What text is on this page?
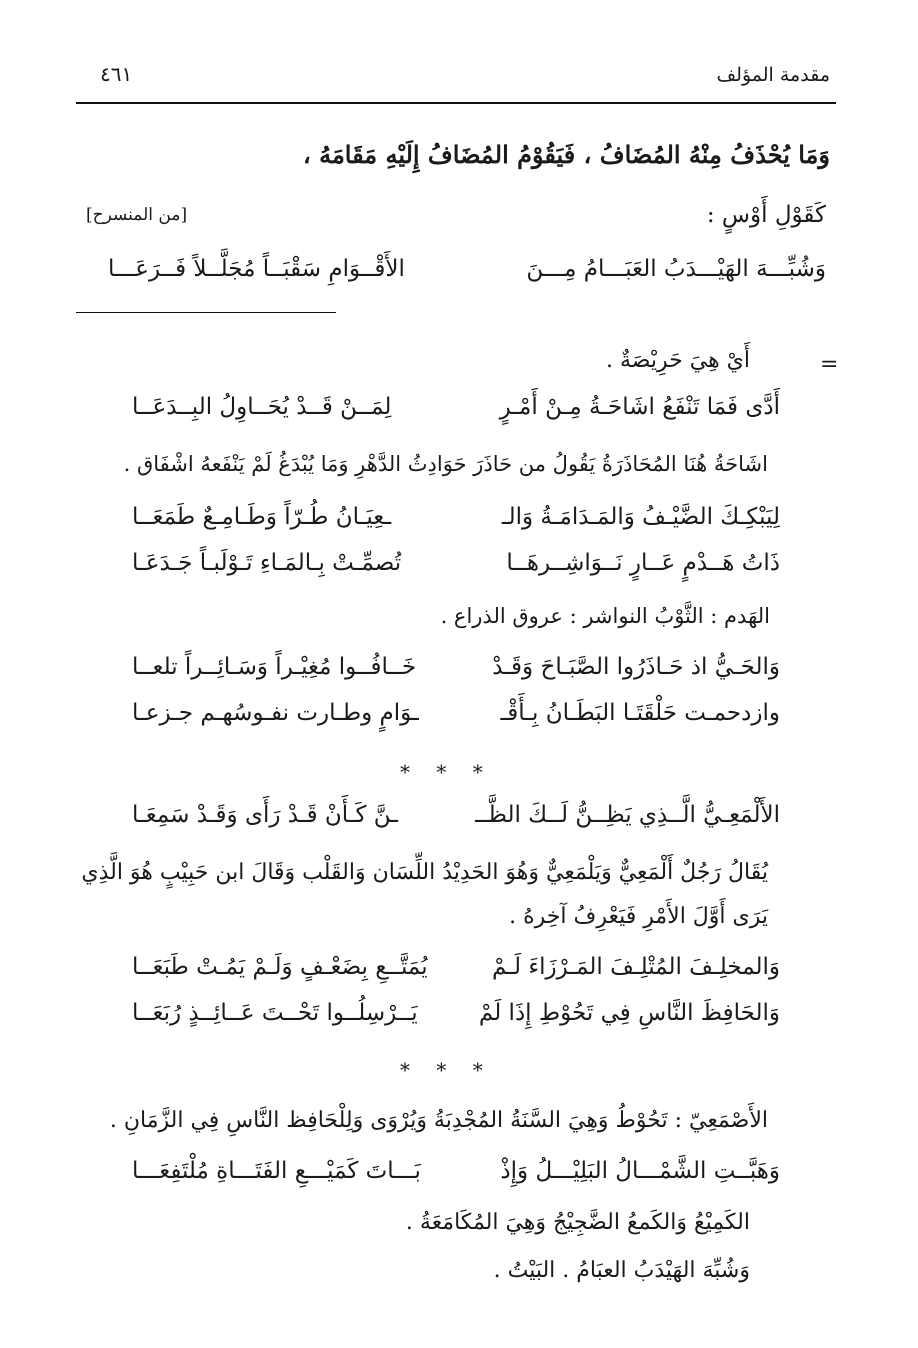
مقدمة المؤلف
٤٦١
وَمَا يُحْذَفُ مِنْهُ المُضَافُ ، فَيَقُوْمُ المُضَافُ إِلَيْهِ مَقَامَهُ ،
كَقَوْلِ أَوْسٍ :
[من المنسرح]
وَشُبِّـــهَ الهَيْـــدَبُ العَبَـــامُ مِـــنَ
الأَقْــوَامِ سَقْبَــاً مُجَلَّــلاً فَــرَعَـــا
=
أَيْ هِيَ حَرِيْصَةٌ .
أَدَّى فَمَا تَنْفَعُ اشَاحَـةُ مِـنْ أَمْـرٍ
لِمَــنْ قَــدْ يُحَــاوِلُ البِــدَعَــا
اشَاحَةُ هُنَا المُحَاذَرَةُ يَقُولُ من حَاذَرَ حَوَادِثُ الدَّهْرِ وَمَا يُبْدَغُ لَمْ يَنْفَعهُ اشْفَاق .
لِيَبْكِـكَ الضَّيْـفُ وَالمَـدَامَـةُ وَالـ
ـعِيَـانُ طُـرّاً وَطَـامِـعٌ طَمَعَــا
ذَاتُ هَــدْمٍ عَــارٍ نَــوَاشِــرهَــا
تُصمِّـتْ بِـالمَـاءِ تَـوْلَبـاً جَـدَعَـا
الهَدم : الثَّوْبُ النواشر : عروق الذراع .
وَالحَـيُّ اذ حَـاذَرُوا الصَّبَـاحَ وَقَـدْ
خَــافُــوا مُغِيْـراً وَسَـائِــراً تلعــا
وازدحمـت حَلْقَتَـا البَطَـانُ بِـأَقْـ
ـوَامٍ وطـارت نفـوسُهـم جـزعـا
* * *
الأَلْمَعِـيُّ الَّــذِي يَظِــنُّ لَــكَ الظَّــ
ـنَّ كَـأَنْ قَـدْ رَأَى وَقَـدْ سَمِعَـا
يُقَالُ رَجُلٌ أَلْمَعِيٌّ وَيَلْمَعِيٌّ وَهُوَ الحَدِيْدُ اللِّسَان وَالقَلْب وَقَالَ ابن حَبِيْبٍ هُوَ الَّذِي
يَرَى أَوَّلَ الأَمْرِ فَيَعْرِفُ آخِرهُ .
وَالمخلِـفَ المُتْلِـفَ المَـرْزَاءَ لَـمْ
يُمَتَّــعِ بِضَعْـفٍ وَلَـمْ يَمُـتْ طَبَعَــا
وَالحَافِظَ النَّاسِ فِي تَحُوْطِ إِذَا لَمْ
يَــرْسِلُــوا تَحْــتَ عَــائِــذٍ رُبَعَــا
* * *
الأَصْمَعِيّ : تَحُوْطُ وَهِيَ السَّنَةُ المُجْدِبَةُ وَيُرْوَى وَلِلْحَافِظ النَّاسِ فِي الزَّمَانِ .
وَهَبَّــتِ الشَّمْـــالُ البَلِيْـــلُ وَإِذْ
بَـــاتَ كَمَيْـــعِ الفَتَـــاةِ مُلْتَفِعَـــا
الكَمِيْعُ وَالكَمعُ الضَّجِيْجُ وَهِيَ المُكَامَعَةُ .
وَشُبِّهَ الهَيْدَبُ العبَامُ . البَيْتُ .
